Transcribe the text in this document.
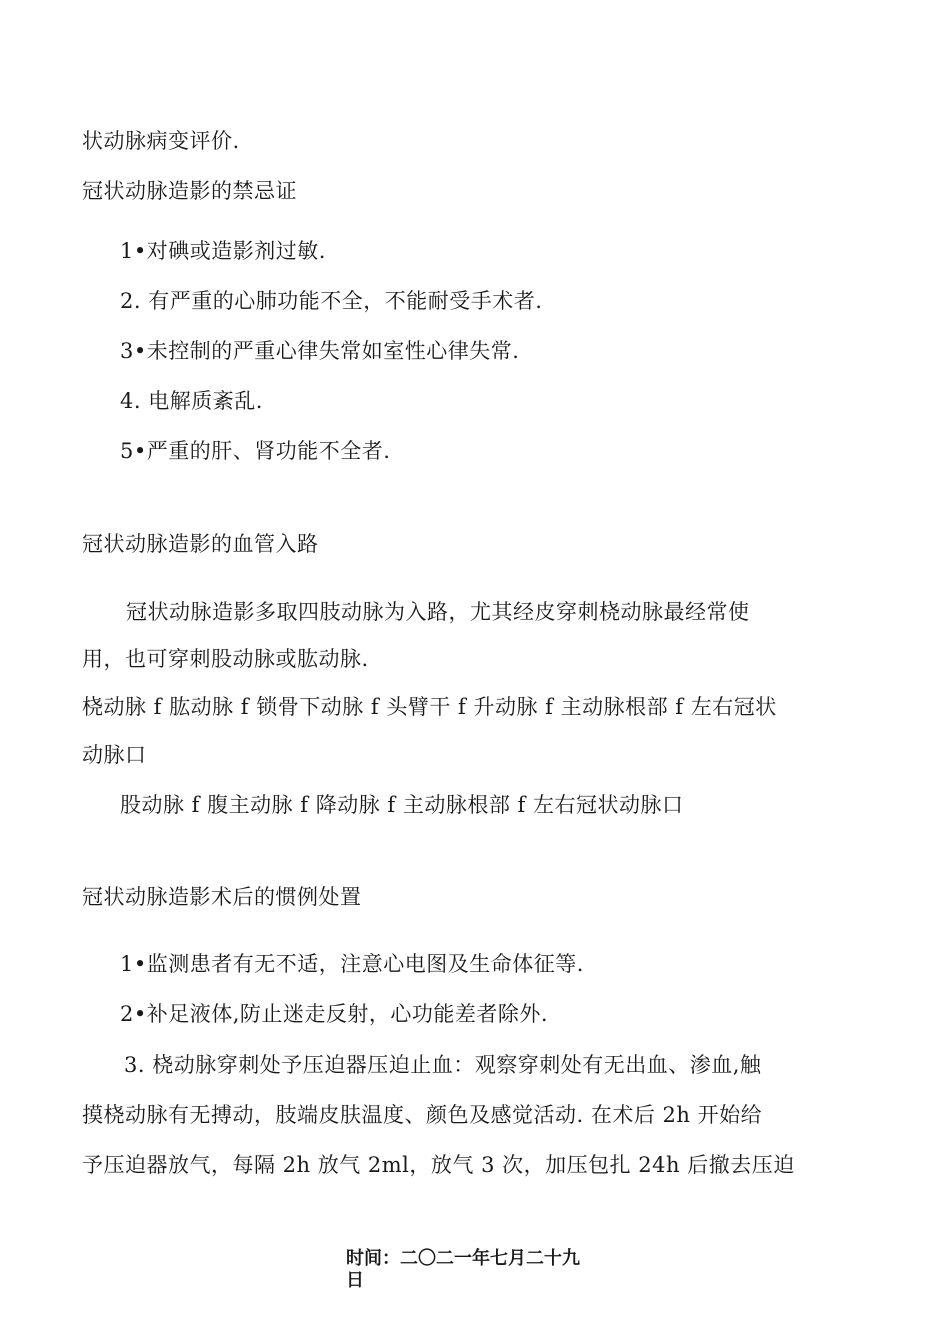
状动脉病变评价.
冠状动脉造影的禁忌证
1•对碘或造影剂过敏.
2. 有严重的心肺功能不全，不能耐受手术者.
3•未控制的严重心律失常如室性心律失常.
4. 电解质紊乱.
5•严重的肝、肾功能不全者.
冠状动脉造影的血管入路
冠状动脉造影多取四肢动脉为入路，尤其经皮穿刺桡动脉最经常使
用，也可穿刺股动脉或肱动脉.
桡动脉 f 肱动脉 f 锁骨下动脉 f 头臂干 f 升动脉 f 主动脉根部 f 左右冠状
动脉口
股动脉 f 腹主动脉 f 降动脉 f 主动脉根部 f 左右冠状动脉口
冠状动脉造影术后的惯例处置
1•监测患者有无不适，注意心电图及生命体征等.
2•补足液体,防止迷走反射，心功能差者除外.
3. 桡动脉穿刺处予压迫器压迫止血：观察穿刺处有无出血、渗血,触
摸桡动脉有无搏动，肢端皮肤温度、颜色及感觉活动. 在术后 2h 开始给
予压迫器放气，每隔 2h 放气 2ml，放气 3 次，加压包扎 24h 后撤去压迫
时间：二〇二一年七月二十九
日
